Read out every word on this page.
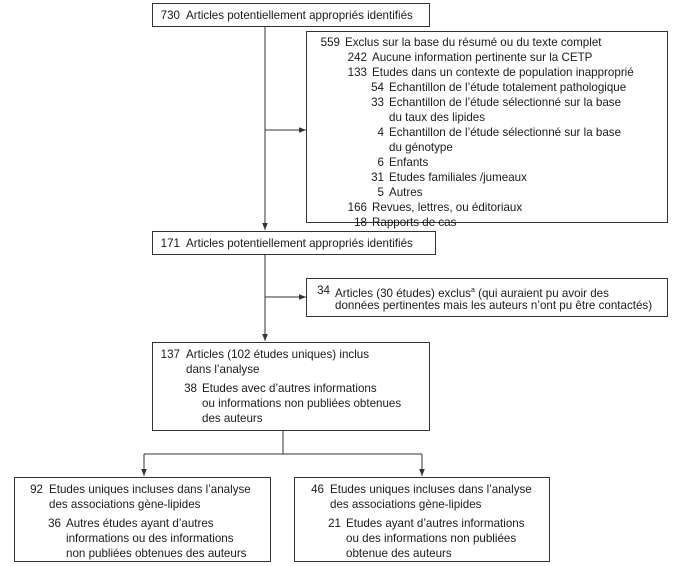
730 Articles potentiellement appropriés identifiés
559 Exclus sur la base du résumé ou du texte complet
242 Aucune information pertinente sur la CETP
133 Etudes dans un contexte de population inapproprié
54 Echantillon de l’étude totalement pathologique
33 Echantillon de l’étude sélectionné sur la base
du taux des lipides
4 Echantillon de l’étude sélectionné sur la base
du génotype
6 Enfants
31 Etudes familiales /jumeaux
5 Autres
166 Revues, lettres, ou éditoriaux
18 Rapports de cas
171 Articles potentiellement appropriés identifiés
34 Articles (30 études) exclus$^a$ (qui auraient pu avoir des
données pertinentes mais les auteurs n’ont pu être contactés)
137 Articles (102 études uniques) inclus
dans l’analyse
38 Etudes avec d’autres informations
ou informations non publiées obtenues
des auteurs
92 Etudes uniques incluses dans l’analyse
des associations gène-lipides
36 Autres études ayant d’autres
informations ou des informations
non publiées obtenues des auteurs
46 Etudes uniques incluses dans l’analyse
des associations gène-lipides
21 Etudes ayant d’autres informations
ou des informations non publiées
obtenue des auteurs
